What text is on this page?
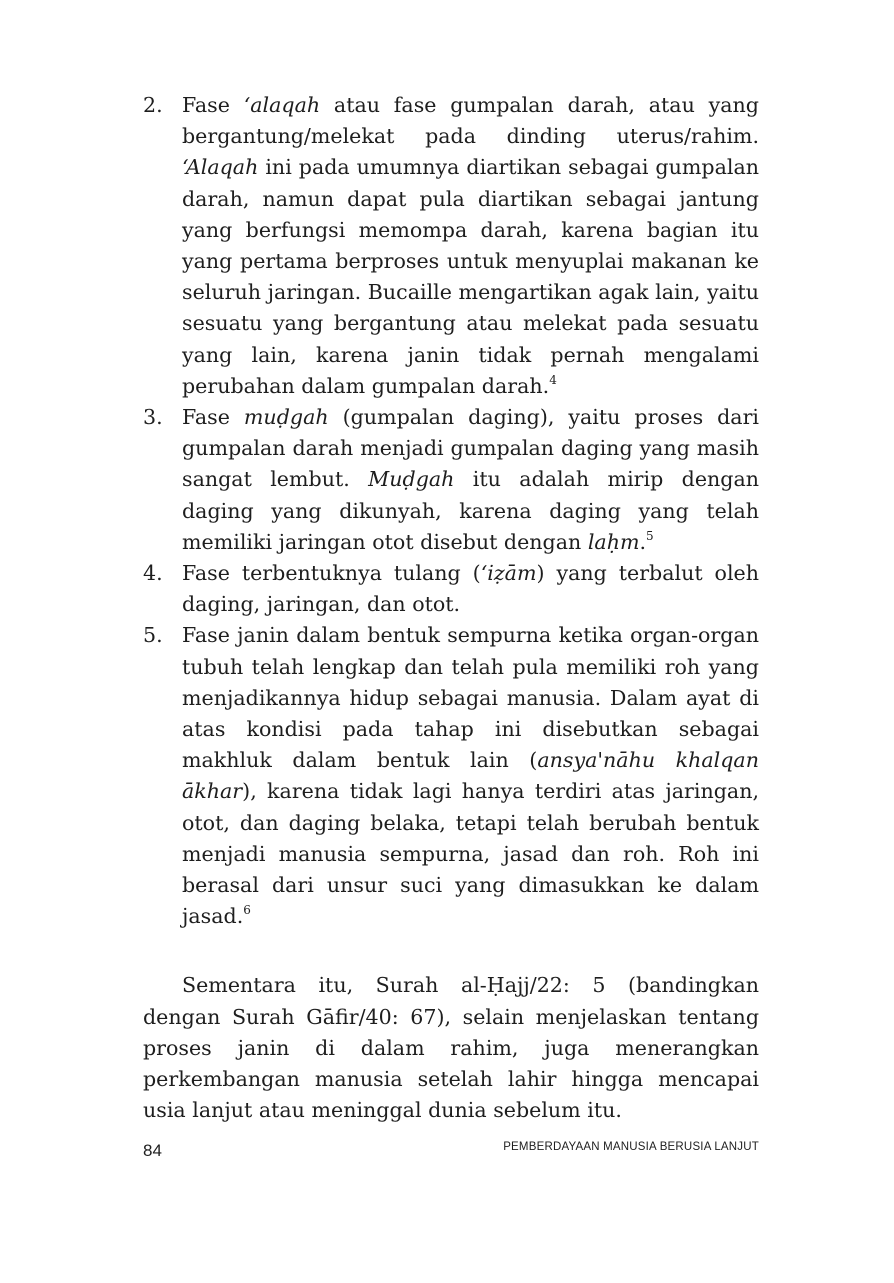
2. Fase ‘alaqah atau fase gumpalan darah, atau yang bergantung/melekat pada dinding uterus/rahim. ‘Alaqah ini pada umumnya diartikan sebagai gumpalan darah, namun dapat pula diartikan sebagai jantung yang berfungsi memompa darah, karena bagian itu yang pertama berproses untuk menyuplai makanan ke seluruh jaringan. Bucaille mengartikan agak lain, yaitu sesuatu yang bergantung atau melekat pada sesuatu yang lain, karena janin tidak pernah mengalami perubahan dalam gumpalan darah.$^4$
3. Fase muḍgah (gumpalan daging), yaitu proses dari gumpalan darah menjadi gumpalan daging yang masih sangat lembut. Muḍgah itu adalah mirip dengan daging yang dikunyah, karena daging yang telah memiliki jaringan otot disebut dengan laḥm.$^5$
4. Fase terbentuknya tulang (‘iẓām) yang terbalut oleh daging, jaringan, dan otot.
5. Fase janin dalam bentuk sempurna ketika organ-organ tubuh telah lengkap dan telah pula memiliki roh yang menjadikannya hidup sebagai manusia. Dalam ayat di atas kondisi pada tahap ini disebutkan sebagai makhluk dalam bentuk lain (ansya'nāhu khalqan ākhar), karena tidak lagi hanya terdiri atas jaringan, otot, dan daging belaka, tetapi telah berubah bentuk menjadi manusia sempurna, jasad dan roh. Roh ini berasal dari unsur suci yang dimasukkan ke dalam jasad.$^6$

Sementara itu, Surah al-Ḥajj/22: 5 (bandingkan dengan Surah Gāfir/40: 67), selain menjelaskan tentang proses janin di dalam rahim, juga menerangkan perkembangan manusia setelah lahir hingga mencapai usia lanjut atau meninggal dunia sebelum itu.

84	PEMBERDAYAAN MANUSIA BERUSIA LANJUT
